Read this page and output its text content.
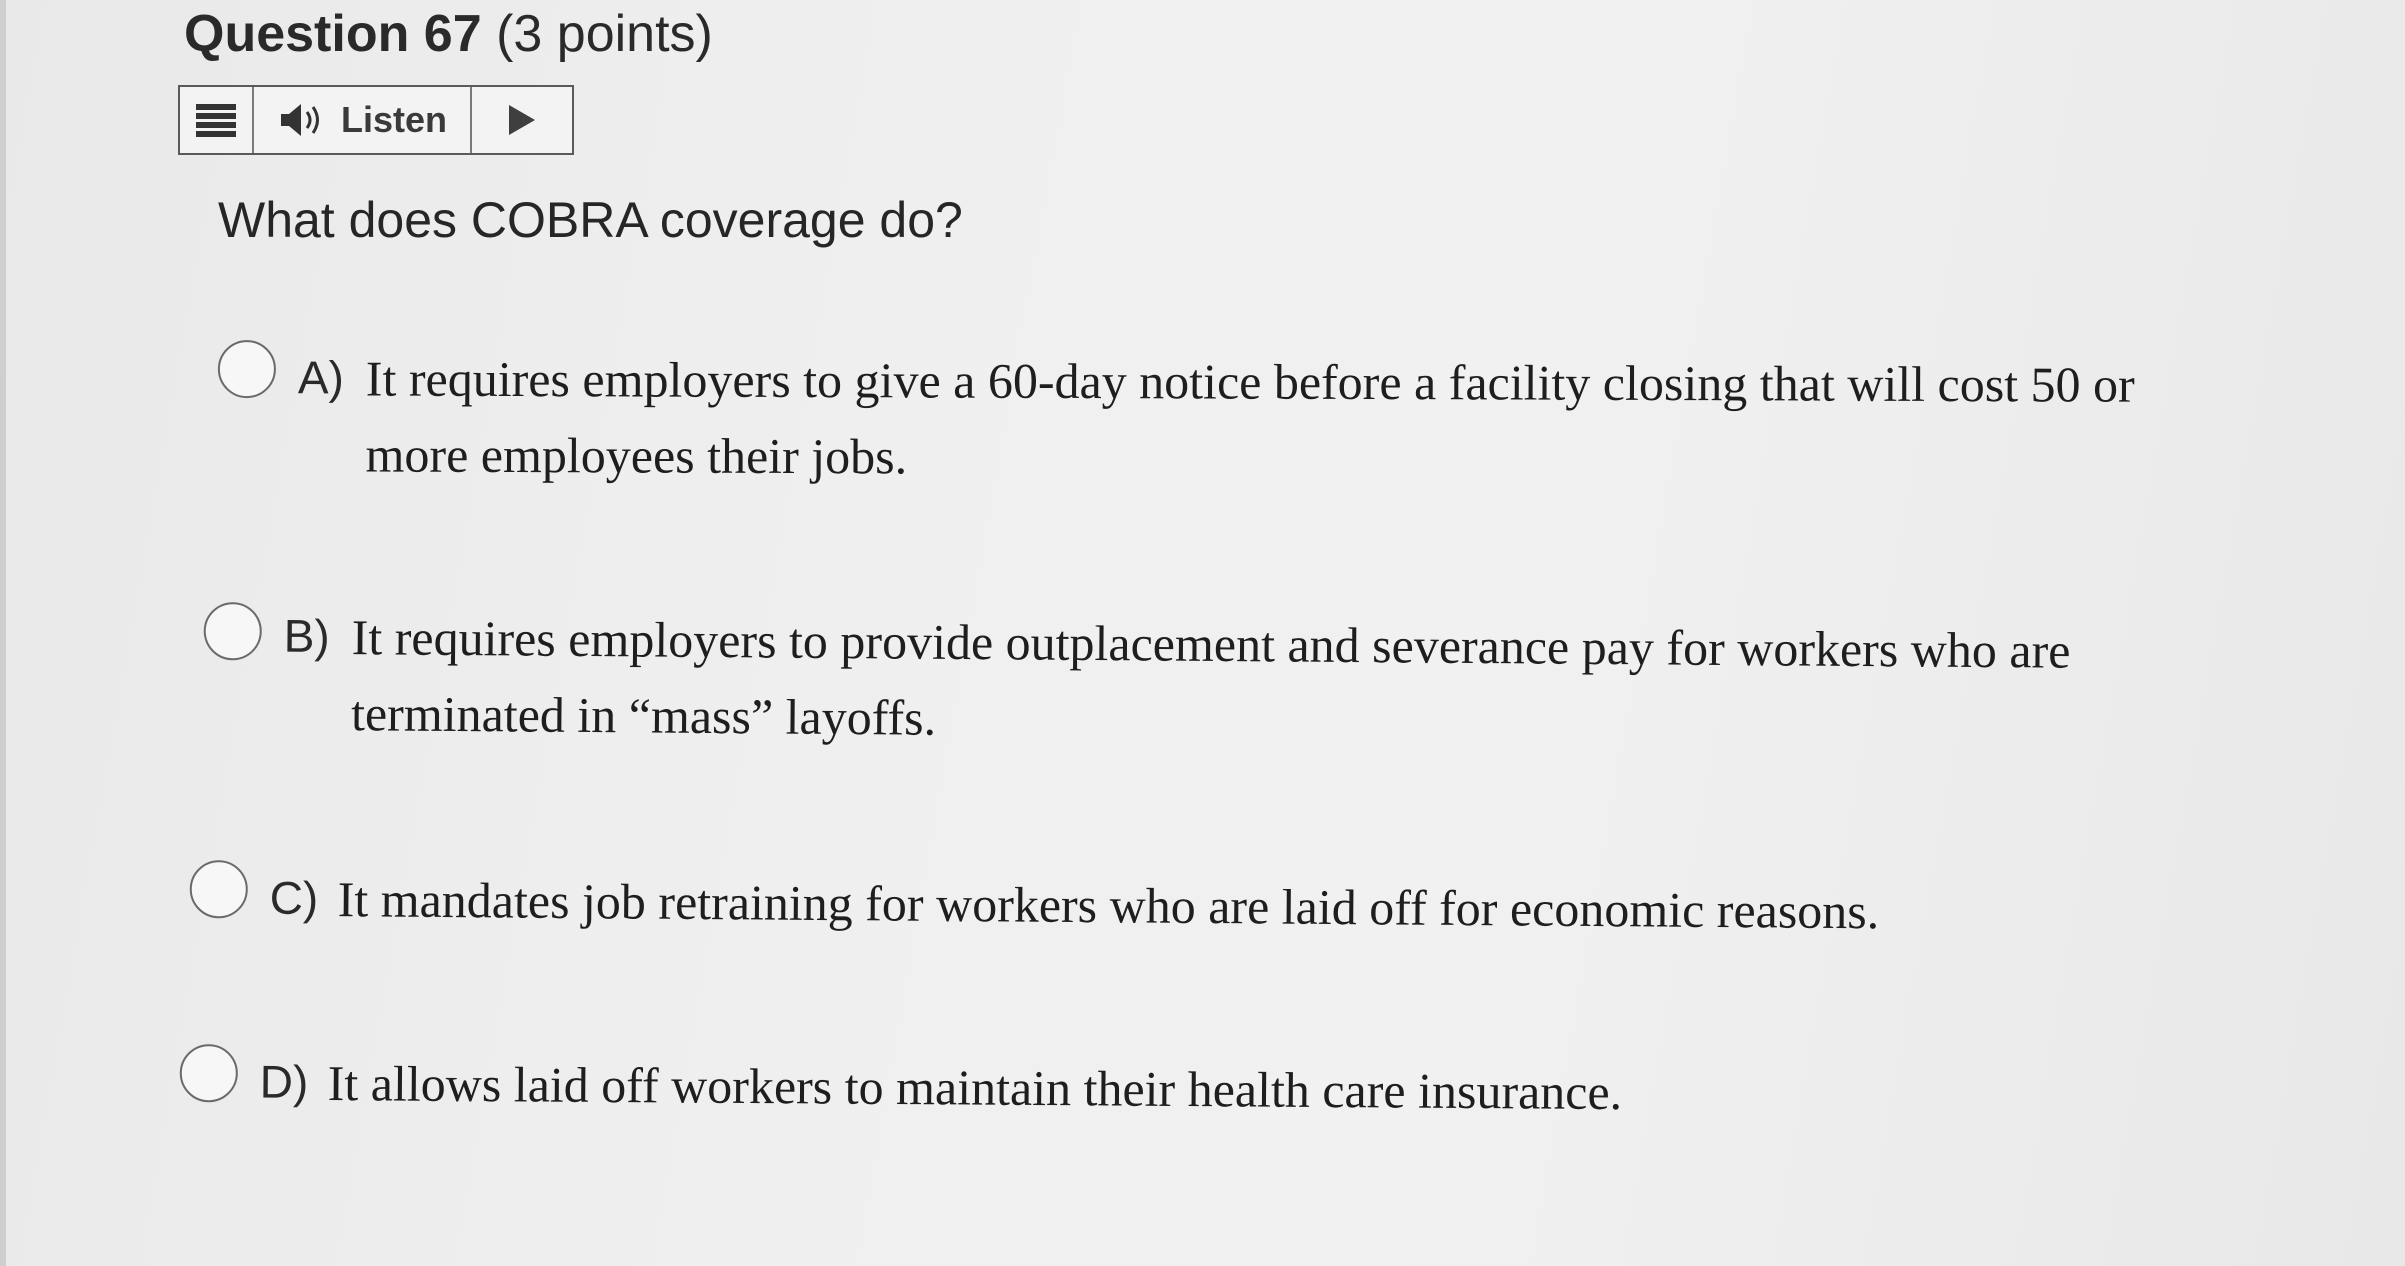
Question 67 (3 points)
Listen
What does COBRA coverage do?
A) It requires employers to give a 60-day notice before a facility closing that will cost 50 or more employees their jobs.
B) It requires employers to provide outplacement and severance pay for workers who are terminated in “mass” layoffs.
C) It mandates job retraining for workers who are laid off for economic reasons.
D) It allows laid off workers to maintain their health care insurance.
